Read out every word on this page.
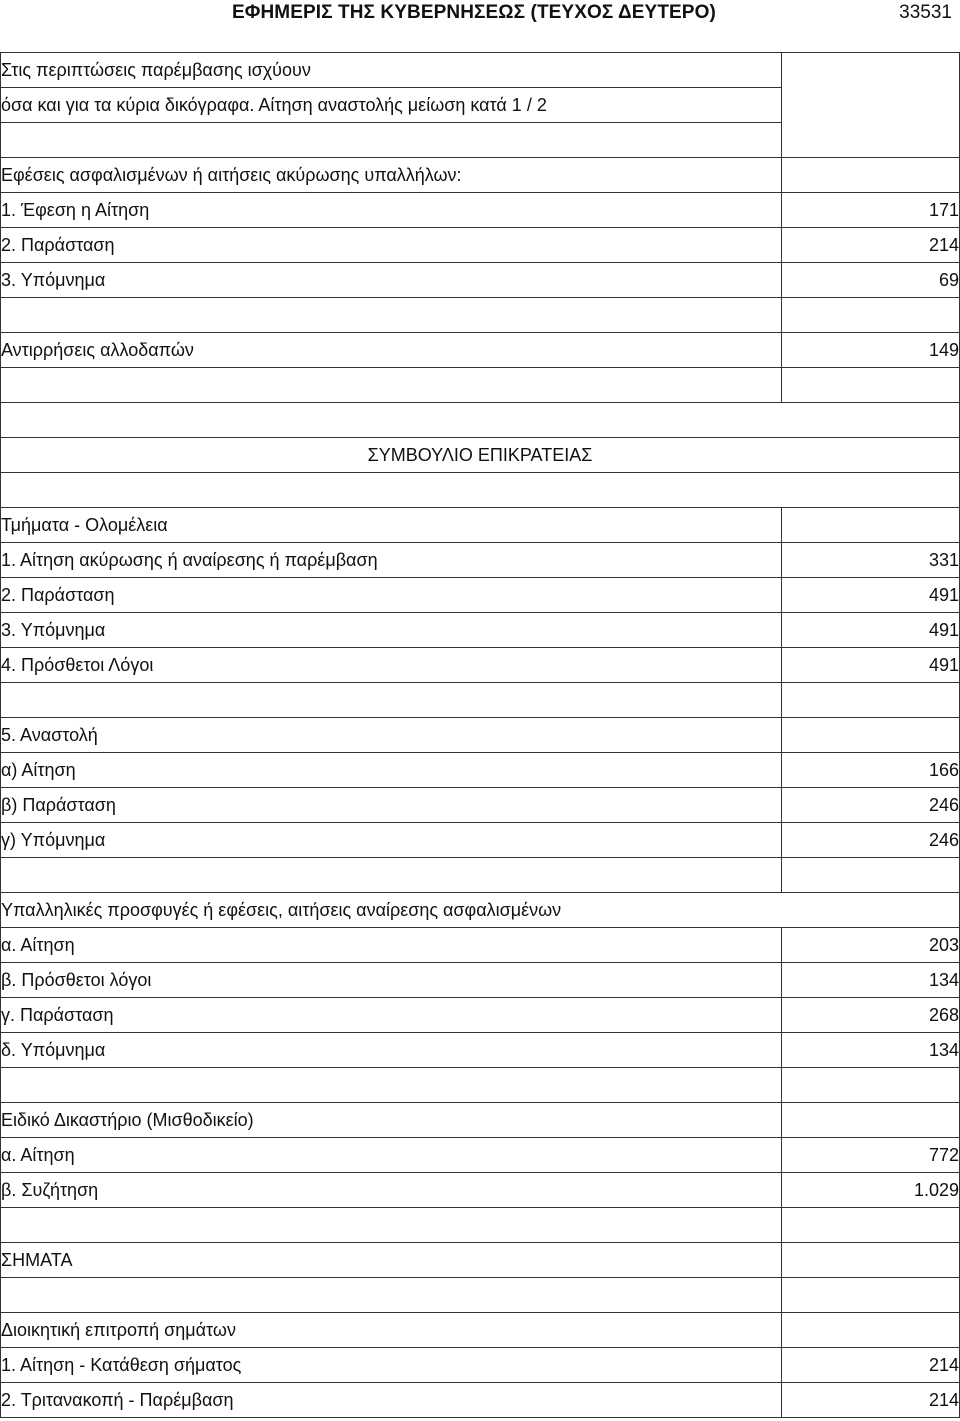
ΕΦΗΜΕΡΙΣ ΤΗΣ ΚΥΒΕΡΝΗΣΕΩΣ (ΤΕΥΧΟΣ ΔΕΥΤΕΡΟ)	33531
Στις περιπτώσεις παρέμβασης ισχύουν	
όσα και για τα κύρια δικόγραφα. Αίτηση αναστολής μείωση κατά 1 / 2	

Εφέσεις ασφαλισμένων ή αιτήσεις ακύρωσης υπαλλήλων:	
1. Έφεση η Αίτηση	171
2. Παράσταση	214
3. Υπόμνημα	69

Αντιρρήσεις αλλοδαπών	149

ΣΥΜΒΟΥΛΙΟ ΕΠΙΚΡΑΤΕΙΑΣ	

Τμήματα - Ολομέλεια	
1. Αίτηση ακύρωσης ή αναίρεσης ή παρέμβαση	331
2. Παράσταση	491
3. Υπόμνημα	491
4. Πρόσθετοι Λόγοι	491

5. Αναστολή	
α) Αίτηση	166
β) Παράσταση	246
γ) Υπόμνημα	246

Υπαλληλικές προσφυγές ή εφέσεις, αιτήσεις αναίρεσης ασφαλισμένων	
α. Αίτηση	203
β. Πρόσθετοι λόγοι	134
γ. Παράσταση	268
δ. Υπόμνημα	134

Ειδικό Δικαστήριο (Μισθοδικείο)	
α. Αίτηση	772
β. Συζήτηση	1.029

ΣΗΜΑΤΑ	

Διοικητική επιτροπή σημάτων	
1. Αίτηση - Κατάθεση σήματος	214
2. Τριτανακοπή - Παρέμβαση	214
